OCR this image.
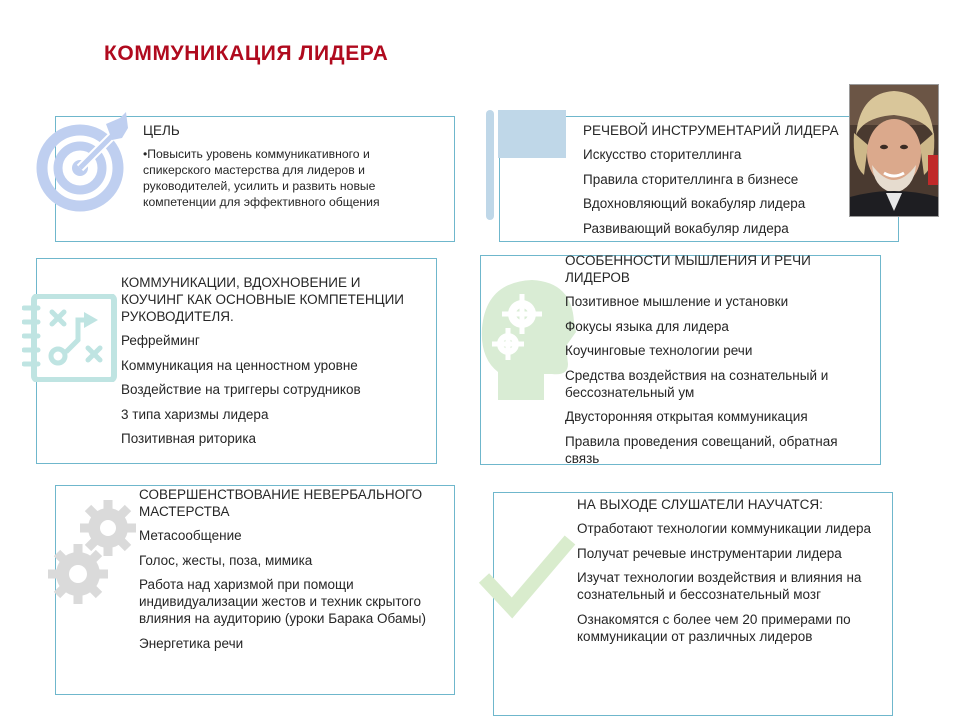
КОММУНИКАЦИЯ ЛИДЕРА
ЦЕЛЬ
•Повысить уровень коммуникативного и спикерского мастерства для лидеров и руководителей, усилить и развить новые компетенции для эффективного общения
РЕЧЕВОЙ ИНСТРУМЕНТАРИЙ ЛИДЕРА
Искусство сторителлинга
Правила сторителлинга в бизнесе
Вдохновляющий вокабуляр лидера
Развивающий вокабуляр лидера
КОММУНИКАЦИИ, ВДОХНОВЕНИЕ И КОУЧИНГ КАК ОСНОВНЫЕ КОМПЕТЕНЦИИ РУКОВОДИТЕЛЯ.
Рефрейминг
Коммуникация на ценностном уровне
Воздействие на триггеры сотрудников
3 типа харизмы лидера
Позитивная риторика
ОСОБЕННОСТИ МЫШЛЕНИЯ И РЕЧИ ЛИДЕРОВ
Позитивное мышление и установки
Фокусы языка для лидера
Коучинговые технологии речи
Средства воздействия на сознательный и бессознательный ум
Двусторонняя открытая коммуникация
Правила проведения совещаний, обратная связь
СОВЕРШЕНСТВОВАНИЕ НЕВЕРБАЛЬНОГО МАСТЕРСТВА
Метасообщение
Голос, жесты, поза, мимика
Работа над харизмой при помощи индивидуализации жестов и техник скрытого влияния на аудиторию (уроки Барака Обамы)
Энергетика речи
НА ВЫХОДЕ СЛУШАТЕЛИ НАУЧАТСЯ:
Отработают технологии коммуникации лидера
Получат речевые инструментарии лидера
Изучат технологии воздействия и влияния на сознательный и бессознательный мозг
Ознакомятся с более чем 20 примерами по коммуникации от различных лидеров
